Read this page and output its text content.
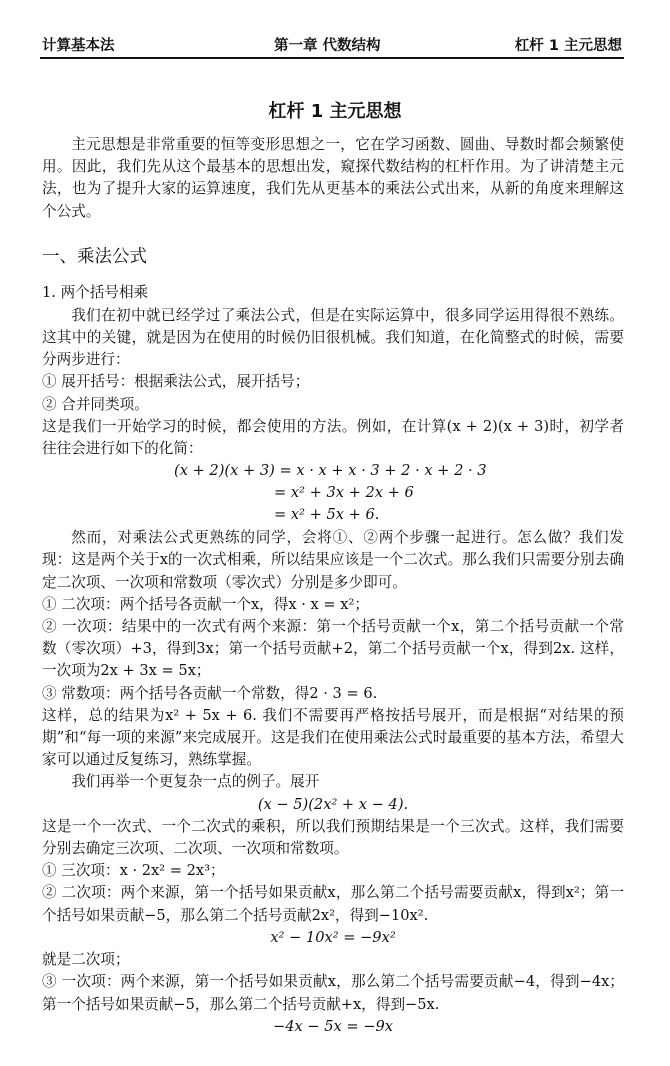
计算基本法	第一章 代数结构	杠杆 1 主元思想
杠杆 1 主元思想

主元思想是非常重要的恒等变形思想之一，它在学习函数、圆曲、导数时都会频繁使用。因此，我们先从这个最基本的思想出发，窥探代数结构的杠杆作用。为了讲清楚主元法，也为了提升大家的运算速度，我们先从更基本的乘法公式出来，从新的角度来理解这个公式。

一、乘法公式

1. 两个括号相乘

我们在初中就已经学过了乘法公式，但是在实际运算中，很多同学运用得很不熟练。这其中的关键，就是因为在使用的时候仍旧很机械。我们知道，在化简整式的时候，需要分两步进行：

① 展开括号：根据乘法公式，展开括号；

② 合并同类项。

这是我们一开始学习的时候，都会使用的方法。例如，在计算(x + 2)(x + 3)时，初学者往往会进行如下的化简：

(x + 2)(x + 3) = x · x + x · 3 + 2 · x + 2 · 3
= x² + 3x + 2x + 6
= x² + 5x + 6.

然而，对乘法公式更熟练的同学，会将①、②两个步骤一起进行。怎么做？我们发现：这是两个关于x的一次式相乘，所以结果应该是一个二次式。那么我们只需要分别去确定二次项、一次项和常数项（零次式）分别是多少即可。

① 二次项：两个括号各贡献一个x，得x · x = x²；

② 一次项：结果中的一次式有两个来源：第一个括号贡献一个x，第二个括号贡献一个常数（零次项）+3，得到3x；第一个括号贡献+2，第二个括号贡献一个x，得到2x. 这样，一次项为2x + 3x = 5x；

③ 常数项：两个括号各贡献一个常数，得2 · 3 = 6.

这样，总的结果为x² + 5x + 6. 我们不需要再严格按括号展开，而是根据“对结果的预期”和“每一项的来源”来完成展开。这是我们在使用乘法公式时最重要的基本方法，希望大家可以通过反复练习，熟练掌握。

我们再举一个更复杂一点的例子。展开

(x − 5)(2x² + x − 4).

这是一个一次式、一个二次式的乘积，所以我们预期结果是一个三次式。这样，我们需要分别去确定三次项、二次项、一次项和常数项。

① 三次项：x · 2x² = 2x³；

② 二次项：两个来源，第一个括号如果贡献x，那么第二个括号需要贡献x，得到x²；第一个括号如果贡献−5，那么第二个括号贡献2x²，得到−10x².

x² − 10x² = −9x²

就是二次项；

③ 一次项：两个来源，第一个括号如果贡献x，那么第二个括号需要贡献−4，得到−4x；第一个括号如果贡献−5，那么第二个括号贡献+x，得到−5x.

−4x − 5x = −9x
